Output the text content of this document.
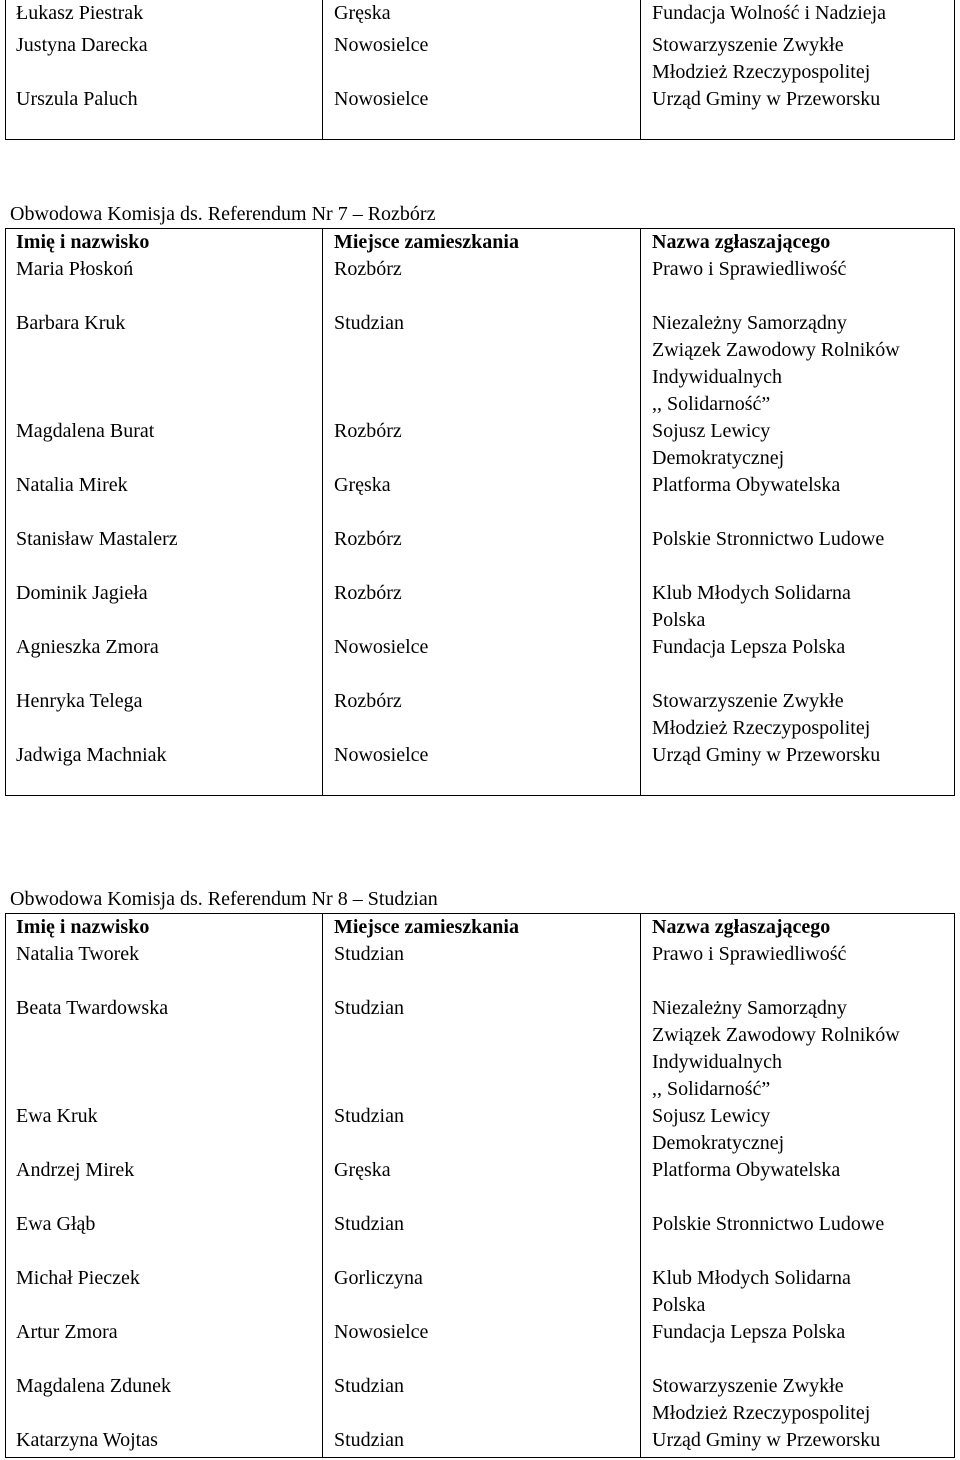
Łukasz Piestrak	Gręska	Fundacja Wolność i Nadzieja
Justyna Darecka	Nowosielce	Stowarzyszenie Zwykłe
Młodzież Rzeczypospolitej
Urszula Paluch	Nowosielce	Urząd Gminy w Przeworsku
Obwodowa Komisja ds. Referendum Nr 7 – Rozbórz
Imię i nazwisko	Miejsce zamieszkania	Nazwa zgłaszającego
Maria Płoskoń	Rozbórz	Prawo i Sprawiedliwość
Barbara Kruk	Studzian	Niezależny Samorządny
Związek Zawodowy Rolników
Indywidualnych
,, Solidarność”
Magdalena Burat	Rozbórz	Sojusz Lewicy
Demokratycznej
Natalia Mirek	Gręska	Platforma Obywatelska
Stanisław Mastalerz	Rozbórz	Polskie Stronnictwo Ludowe
Dominik Jagieła	Rozbórz	Klub Młodych Solidarna
Polska
Agnieszka Zmora	Nowosielce	Fundacja Lepsza Polska
Henryka Telega	Rozbórz	Stowarzyszenie Zwykłe
Młodzież Rzeczypospolitej
Jadwiga Machniak	Nowosielce	Urząd Gminy w Przeworsku
Obwodowa Komisja ds. Referendum Nr 8 – Studzian
Imię i nazwisko	Miejsce zamieszkania	Nazwa zgłaszającego
Natalia Tworek	Studzian	Prawo i Sprawiedliwość
Beata Twardowska	Studzian	Niezależny Samorządny
Związek Zawodowy Rolników
Indywidualnych
,, Solidarność”
Ewa Kruk	Studzian	Sojusz Lewicy
Demokratycznej
Andrzej Mirek	Gręska	Platforma Obywatelska
Ewa Głąb	Studzian	Polskie Stronnictwo Ludowe
Michał Pieczek	Gorliczyna	Klub Młodych Solidarna
Polska
Artur Zmora	Nowosielce	Fundacja Lepsza Polska
Magdalena Zdunek	Studzian	Stowarzyszenie Zwykłe
Młodzież Rzeczypospolitej
Katarzyna Wojtas	Studzian	Urząd Gminy w Przeworsku
